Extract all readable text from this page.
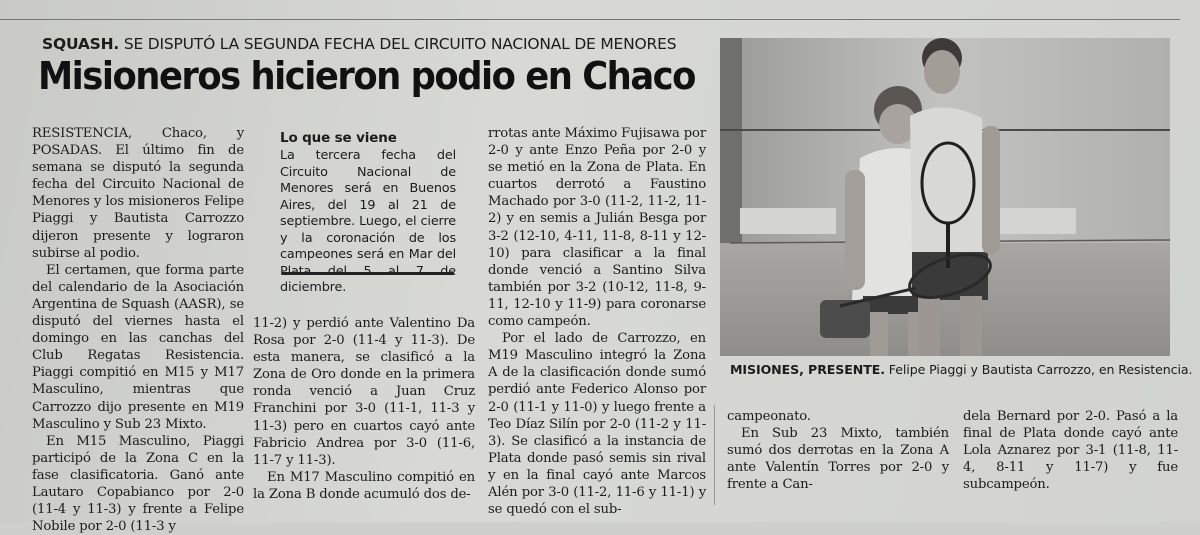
SQUASH. SE DISPUTÓ LA SEGUNDA FECHA DEL CIRCUITO NACIONAL DE MENORES
Misioneros hicieron podio en Chaco

RESISTENCIA, Chaco, y POSADAS. El último fin de semana se disputó la segunda fecha del Circuito Nacional de Menores y los misioneros Felipe Piaggi y Bautista Carrozzo dijeron presente y lograron subirse al podio.

El certamen, que forma parte del calendario de la Asociación Argentina de Squash (AASR), se disputó del viernes hasta el domingo en las canchas del Club Regatas Resistencia. Piaggi compitió en M15 y M17 Masculino, mientras que Carrozzo dijo presente en M19 Masculino y Sub 23 Mixto.

En M15 Masculino, Piaggi participó de la Zona C en la fase clasificatoria. Ganó ante Lautaro Copabianco por 2-0 (11-4 y 11-3) y frente a Felipe Nobile por 2-0 (11-3 y

Lo que se viene
La tercera fecha del Circuito Nacional de Menores será en Buenos Aires, del 19 al 21 de septiembre. Luego, el cierre y la coronación de los campeones será en Mar del Plata del 5 al 7 de diciembre.

11-2) y perdió ante Valentino Da Rosa por 2-0 (11-4 y 11-3). De esta manera, se clasificó a la Zona de Oro donde en la primera ronda venció a Juan Cruz Franchini por 3-0 (11-1, 11-3 y 11-3) pero en cuartos cayó ante Fabricio Andrea por 3-0 (11-6, 11-7 y 11-3).

En M17 Masculino compitió en la Zona B donde acumuló dos de-

rrotas ante Máximo Fujisawa por 2-0 y ante Enzo Peña por 2-0 y se metió en la Zona de Plata. En cuartos derrotó a Faustino Machado por 3-0 (11-2, 11-2, 11-2) y en semis a Julián Besga por 3-2 (12-10, 4-11, 11-8, 8-11 y 12-10) para clasificar a la final donde venció a Santino Silva también por 3-2 (10-12, 11-8, 9-11, 12-10 y 11-9) para coronarse como campeón.

Por el lado de Carrozzo, en M19 Masculino integró la Zona A de la clasificación donde sumó perdió ante Federico Alonso por 2-0 (11-1 y 11-0) y luego frente a Teo Díaz Silín por 2-0 (11-2 y 11-3). Se clasificó a la instancia de Plata donde pasó semis sin rival y en la final cayó ante Marcos Alén por 3-0 (11-2, 11-6 y 11-1) y se quedó con el sub-

MISIONES, PRESENTE. Felipe Piaggi y Bautista Carrozzo, en Resistencia.

campeonato.

En Sub 23 Mixto, también sumó dos derrotas en la Zona A ante Valentín Torres por 2-0 y frente a Can-

dela Bernard por 2-0. Pasó a la final de Plata donde cayó ante Lola Aznarez por 3-1 (11-8, 11-4, 8-11 y 11-7) y fue subcampeón.
